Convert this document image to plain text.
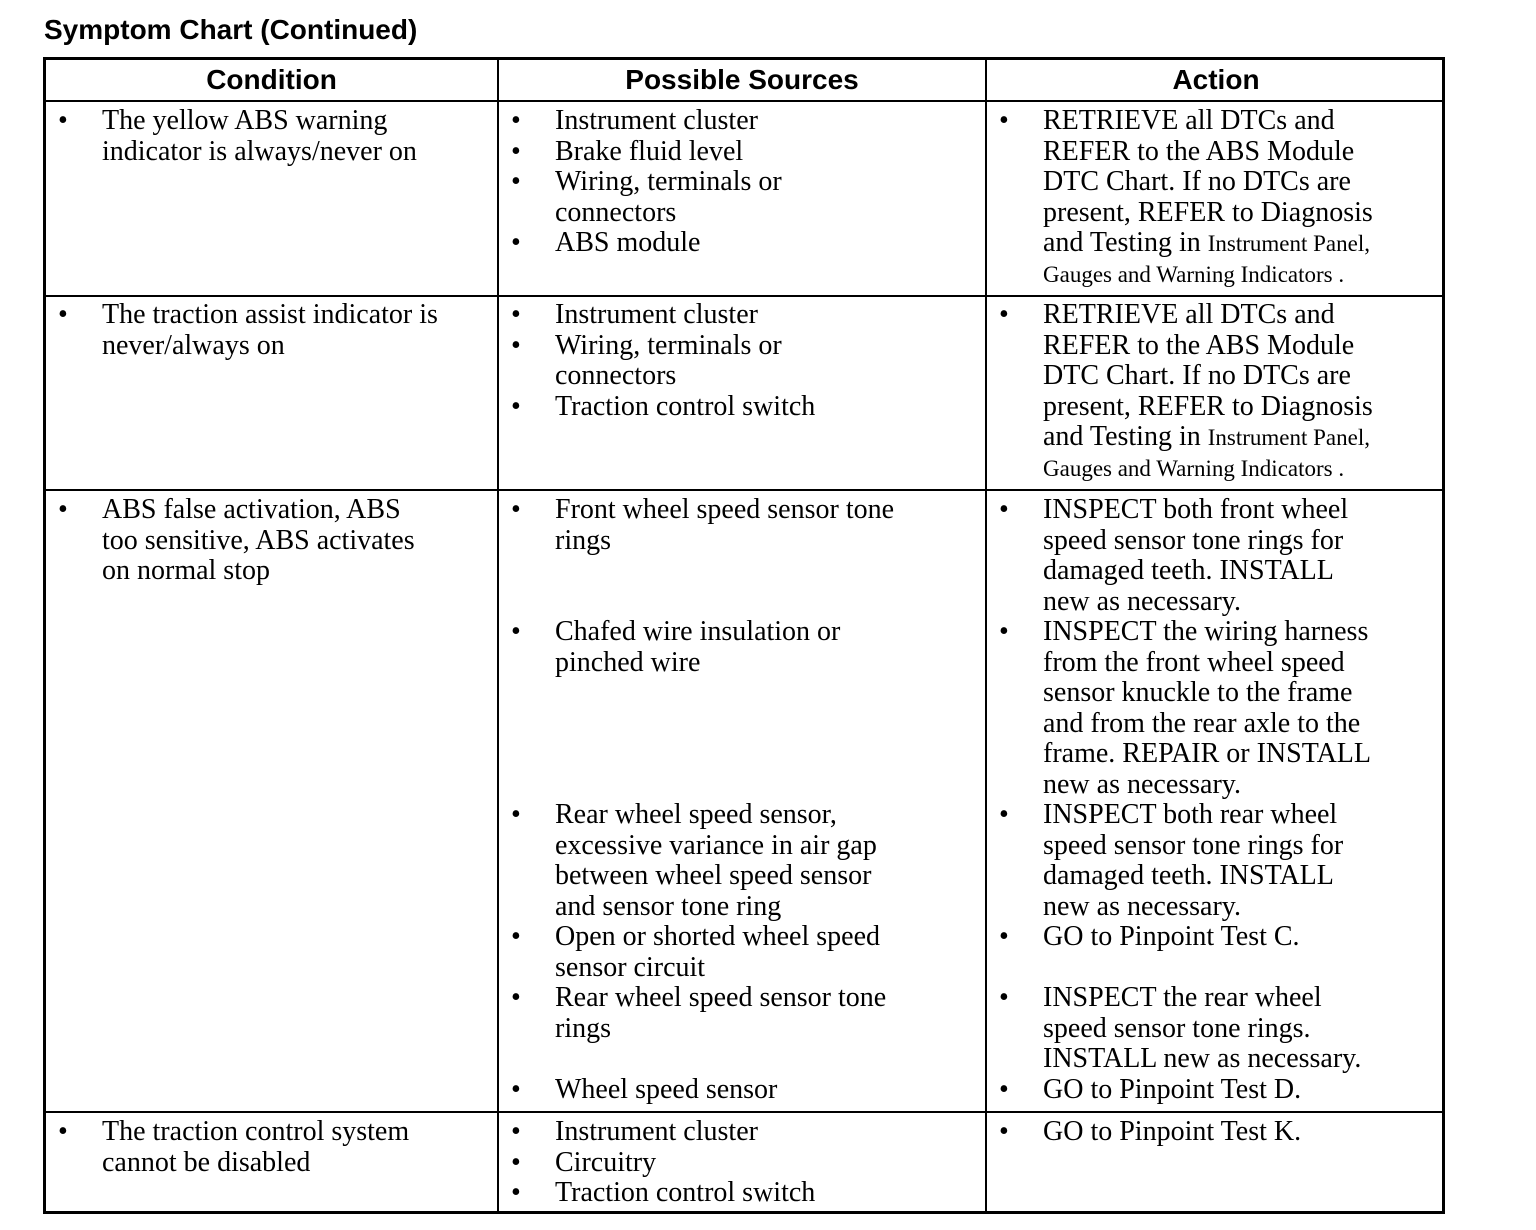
Symptom Chart (Continued)
Condition	Possible Sources	Action
• The yellow ABS warning
indicator is always/never on
• Instrument cluster
• Brake fluid level
• Wiring, terminals or
connectors
• ABS module
• RETRIEVE all DTCs and
REFER to the ABS Module
DTC Chart. If no DTCs are
present, REFER to Diagnosis
and Testing in Instrument Panel,
Gauges and Warning Indicators .
• The traction assist indicator is
never/always on
• Instrument cluster
• Wiring, terminals or
connectors
• Traction control switch
• RETRIEVE all DTCs and
REFER to the ABS Module
DTC Chart. If no DTCs are
present, REFER to Diagnosis
and Testing in Instrument Panel,
Gauges and Warning Indicators .
• ABS false activation, ABS
too sensitive, ABS activates
on normal stop
• Front wheel speed sensor tone
rings
• Chafed wire insulation or
pinched wire
• Rear wheel speed sensor,
excessive variance in air gap
between wheel speed sensor
and sensor tone ring
• Open or shorted wheel speed
sensor circuit
• Rear wheel speed sensor tone
rings
• Wheel speed sensor
• INSPECT both front wheel
speed sensor tone rings for
damaged teeth. INSTALL
new as necessary.
• INSPECT the wiring harness
from the front wheel speed
sensor knuckle to the frame
and from the rear axle to the
frame. REPAIR or INSTALL
new as necessary.
• INSPECT both rear wheel
speed sensor tone rings for
damaged teeth. INSTALL
new as necessary.
• GO to Pinpoint Test C.
• INSPECT the rear wheel
speed sensor tone rings.
INSTALL new as necessary.
• GO to Pinpoint Test D.
• The traction control system
cannot be disabled
• Instrument cluster
• Circuitry
• Traction control switch
• GO to Pinpoint Test K.
